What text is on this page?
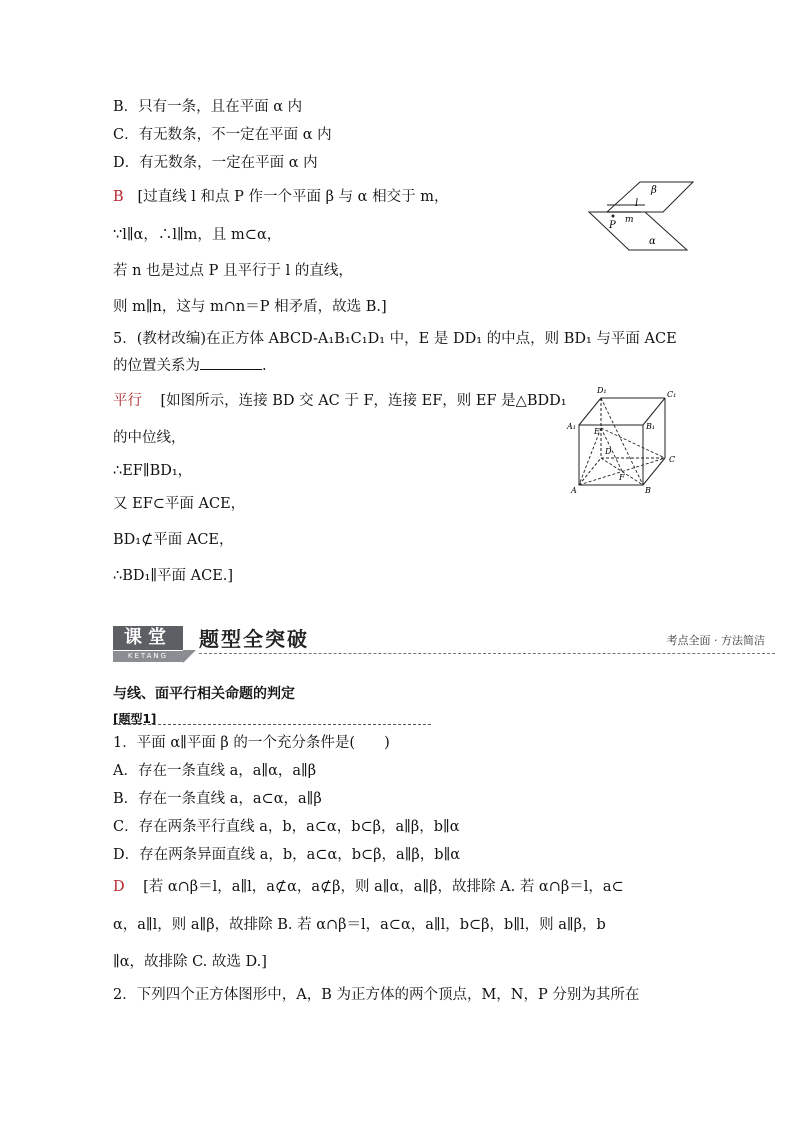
B．只有一条，且在平面 α 内
C．有无数条，不一定在平面 α 内
D．有无数条，一定在平面 α 内
B [过直线 l 和点 P 作一个平面 β 与 α 相交于 m，
∵l∥α，∴l∥m，且 m⊂α，
若 n 也是过点 P 且平行于 l 的直线，
则 m∥n，这与 m∩n＝P 相矛盾，故选 B.]
β
l
m
P
α
5．(教材改编)在正方体 ABCD-A₁B₁C₁D₁ 中，E 是 DD₁ 的中点，则 BD₁ 与平面 ACE
的位置关系为	.
平行 [如图所示，连接 BD 交 AC 于 F，连接 EF，则 EF 是△BDD₁
的中位线，
∴EF∥BD₁，
又 EF⊂平面 ACE，
BD₁⊄平面 ACE，
∴BD₁∥平面 ACE.]
D₁	C₁
A₁	B₁
E
D
C
F
A	B
课堂
KETANG
题型全突破	考点全面 · 方法简洁
与线、面平行相关命题的判定
[题型1]
1．平面 α∥平面 β 的一个充分条件是(　　)
A．存在一条直线 a，a∥α，a∥β
B．存在一条直线 a，a⊂α，a∥β
C．存在两条平行直线 a，b，a⊂α，b⊂β，a∥β，b∥α
D．存在两条异面直线 a，b，a⊂α，b⊂β，a∥β，b∥α
D [若 α∩β＝l，a∥l，a⊄α，a⊄β，则 a∥α，a∥β，故排除 A. 若 α∩β＝l，a⊂
α，a∥l，则 a∥β，故排除 B. 若 α∩β＝l，a⊂α，a∥l，b⊂β，b∥l，则 a∥β，b
∥α，故排除 C. 故选 D.]
2．下列四个正方体图形中，A，B 为正方体的两个顶点，M，N，P 分别为其所在
